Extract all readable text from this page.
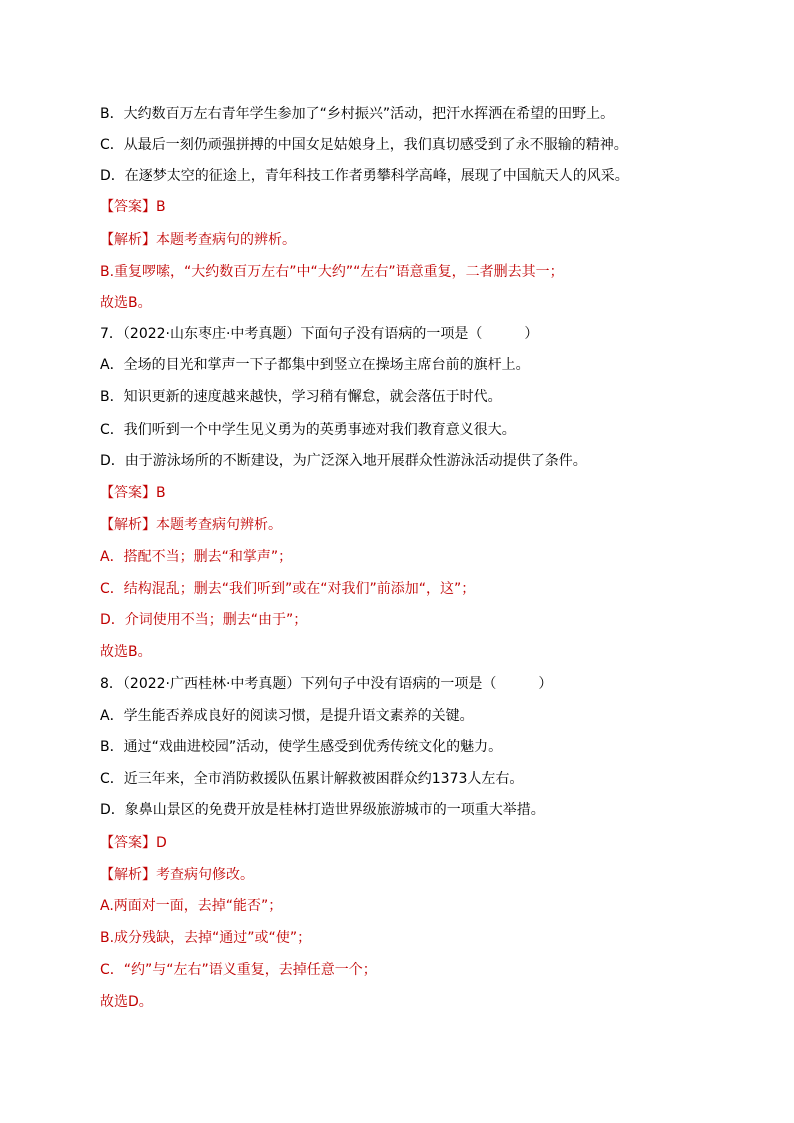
B．大约数百万左右青年学生参加了“乡村振兴”活动，把汗水挥洒在希望的田野上。
C．从最后一刻仍顽强拼搏的中国女足姑娘身上，我们真切感受到了永不服输的精神。
D．在逐梦太空的征途上，青年科技工作者勇攀科学高峰，展现了中国航天人的风采。
【答案】B
【解析】本题考查病句的辨析。
B.重复啰嗦，“大约数百万左右”中“大约”“左右”语意重复，二者删去其一；
故选B。
7．（2022·山东枣庄·中考真题）下面句子没有语病的一项是（　　　）
A．全场的目光和掌声一下子都集中到竖立在操场主席台前的旗杆上。
B．知识更新的速度越来越快，学习稍有懈怠，就会落伍于时代。
C．我们听到一个中学生见义勇为的英勇事迹对我们教育意义很大。
D．由于游泳场所的不断建设，为广泛深入地开展群众性游泳活动提供了条件。
【答案】B
【解析】本题考查病句辨析。
A．搭配不当；删去“和掌声”；
C．结构混乱；删去“我们听到”或在“对我们”前添加“，这”；
D．介词使用不当；删去“由于”；
故选B。
8．（2022·广西桂林·中考真题）下列句子中没有语病的一项是（　　　）
A．学生能否养成良好的阅读习惯，是提升语文素养的关键。
B．通过“戏曲进校园”活动，使学生感受到优秀传统文化的魅力。
C．近三年来，全市消防救援队伍累计解救被困群众约1373人左右。
D．象鼻山景区的免费开放是桂林打造世界级旅游城市的一项重大举措。
【答案】D
【解析】考查病句修改。
A.两面对一面，去掉“能否”；
B.成分残缺，去掉“通过”或“使”；
C．“约”与“左右”语义重复，去掉任意一个；
故选D。
